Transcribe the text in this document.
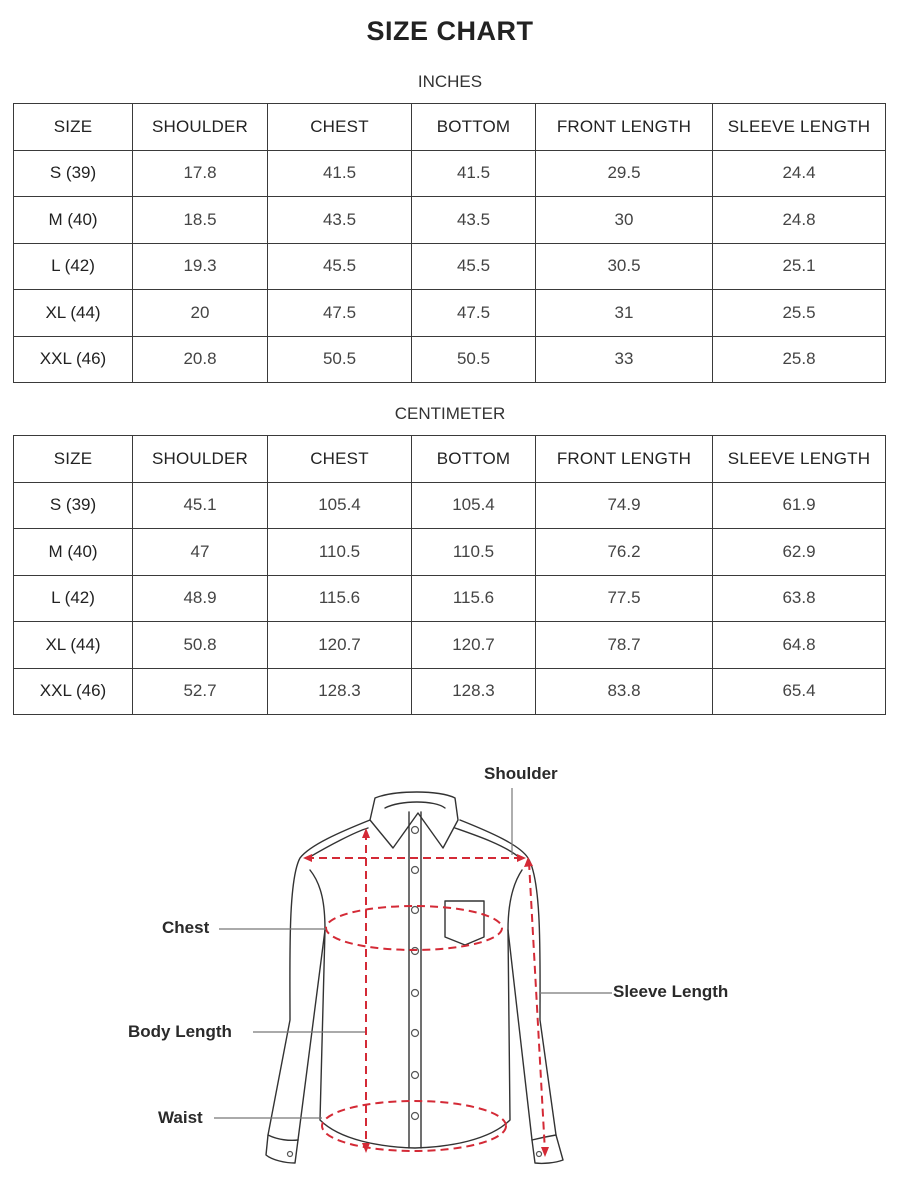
SIZE CHART
INCHES
SIZE	SHOULDER	CHEST	BOTTOM	FRONT LENGTH	SLEEVE LENGTH
S (39)	17.8	41.5	41.5	29.5	24.4
M (40)	18.5	43.5	43.5	30	24.8
L (42)	19.3	45.5	45.5	30.5	25.1
XL (44)	20	47.5	47.5	31	25.5
XXL (46)	20.8	50.5	50.5	33	25.8
CENTIMETER
SIZE	SHOULDER	CHEST	BOTTOM	FRONT LENGTH	SLEEVE LENGTH
S (39)	45.1	105.4	105.4	74.9	61.9
M (40)	47	110.5	110.5	76.2	62.9
L (42)	48.9	115.6	115.6	77.5	63.8
XL (44)	50.8	120.7	120.7	78.7	64.8
XXL (46)	52.7	128.3	128.3	83.8	65.4
Shoulder
Chest
Sleeve Length
Body Length
Waist
